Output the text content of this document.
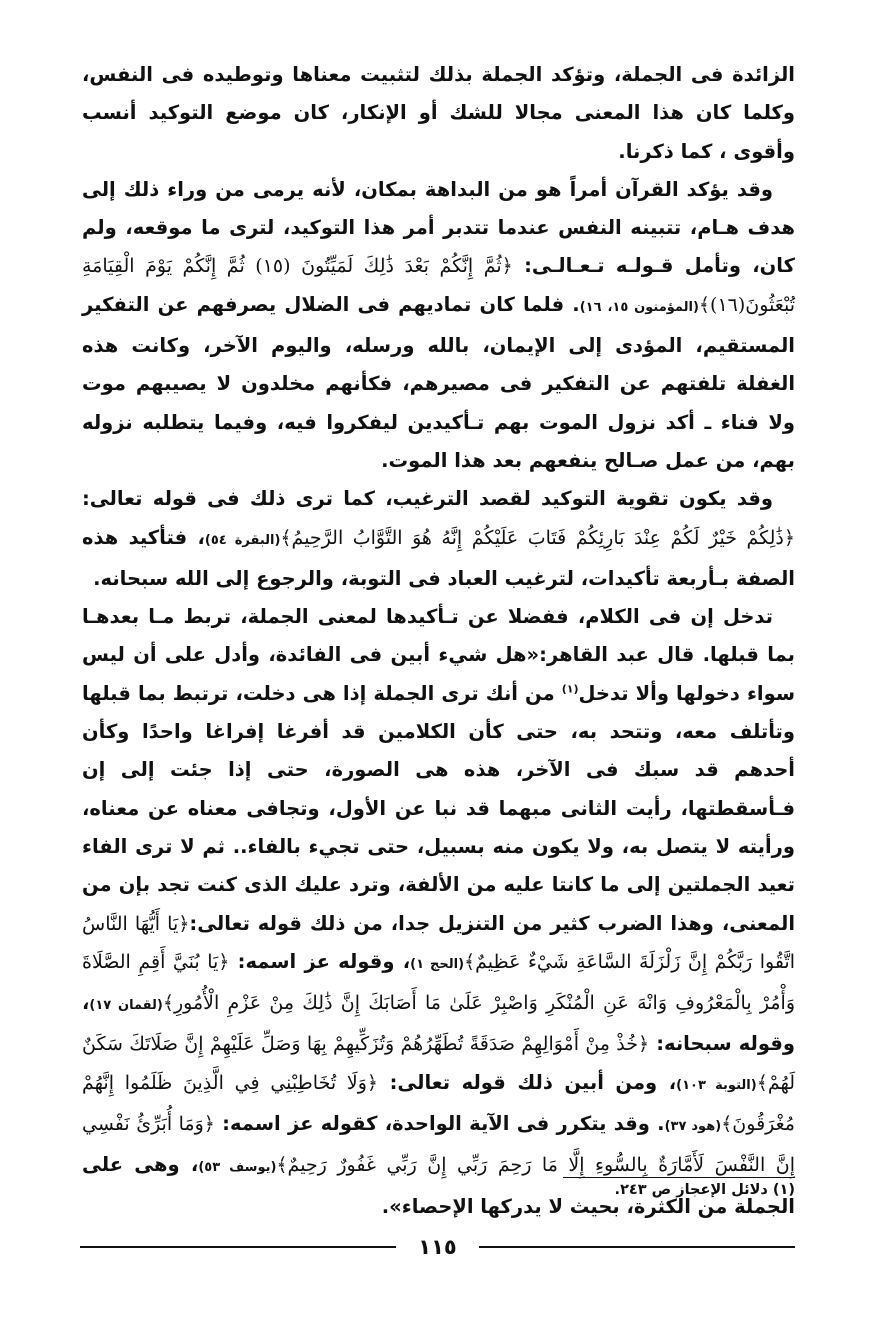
الزائدة فى الجملة، وتؤكد الجملة بذلك لتثبيت معناها وتوطيده فى النفس، وكلما كان هذا المعنى مجالا للشك أو الإنكار، كان موضع التوكيد أنسب وأقوى ، كما ذكرنا.

وقد يؤكد القرآن أمراً هو من البداهة بمكان، لأنه يرمى من وراء ذلك إلى هدف هـام، تتبينه النفس عندما تتدبر أمر هذا التوكيد، لترى ما موقعه، ولم كان، وتأمل قـولـه تـعـالـى: ﴿ثُمَّ إِنَّكُمْ بَعْدَ ذَٰلِكَ لَمَيِّتُونَ (١٥) ثُمَّ إِنَّكُمْ يَوْمَ الْقِيَامَةِ تُبْعَثُونَ(١٦)﴾(المؤمنون ١٥، ١٦). فلما كان تماديهم فى الضلال يصرفهم عن التفكير المستقيم، المؤدى إلى الإيمان، بالله ورسله، واليوم الآخر، وكانت هذه الغفلة تلفتهم عن التفكير فى مصيرهم، فكأنهم مخلدون لا يصيبهم موت ولا فناء ـ أكد نزول الموت بهم تـأكيدين ليفكروا فيه، وفيما يتطلبه نزوله بهم، من عمل صـالح ينفعهم بعد هذا الموت.

وقد يكون تقوية التوكيد لقصد الترغيب، كما ترى ذلك فى قوله تعالى: ﴿ذَٰلِكُمْ خَيْرٌ لَكُمْ عِنْدَ بَارِئِكُمْ فَتَابَ عَلَيْكُمْ إِنَّهُ هُوَ التَّوَّابُ الرَّحِيمُ﴾(البقرة ٥٤)، فتأكيد هذه الصفة بـأربعة تأكيدات، لترغيب العباد فى التوبة، والرجوع إلى الله سبحانه.

تدخل إن فى الكلام، ففضلا عن تـأكيدها لمعنى الجملة، تربط مـا بعدهـا بما قبلها. قال عبد القاهر:«هل شيء أبين فى الفائدة، وأدل على أن ليس سواء دخولها وألا تدخل$^{(١)}$ من أنك ترى الجملة إذا هى دخلت، ترتبط بما قبلها وتأتلف معه، وتتحد به، حتى كأن الكلامين قد أفرغا إفراغا واحدًا وكأن أحدهم قد سبك فى الآخر، هذه هى الصورة، حتى إذا جئت إلى إن فـأسقطتها، رأيت الثانى مبهما قد نبا عن الأول، وتجافى معناه عن معناه، ورأيته لا يتصل به، ولا يكون منه بسبيل، حتى تجيء بالفاء.. ثم لا ترى الفاء تعيد الجملتين إلى ما كانتا عليه من الألفة، وترد عليك الذى كنت تجد بإن من المعنى، وهذا الضرب كثير من التنزيل جدا، من ذلك قوله تعالى:﴿يَا أَيُّهَا النَّاسُ اتَّقُوا رَبَّكُمْ إِنَّ زَلْزَلَةَ السَّاعَةِ شَيْءٌ عَظِيمٌ﴾(الحج ١)، وقوله عز اسمه: ﴿يَا بُنَيَّ أَقِمِ الصَّلَاةَ وَأْمُرْ بِالْمَعْرُوفِ وَانْهَ عَنِ الْمُنْكَرِ وَاصْبِرْ عَلَىٰ مَا أَصَابَكَ إِنَّ ذَٰلِكَ مِنْ عَزْمِ الْأُمُورِ﴾(لقمان ١٧)، وقوله سبحانه: ﴿خُذْ مِنْ أَمْوَالِهِمْ صَدَقَةً تُطَهِّرُهُمْ وَتُزَكِّيهِمْ بِهَا وَصَلِّ عَلَيْهِمْ إِنَّ صَلَاتَكَ سَكَنٌ لَهُمْ﴾(التوبة ١٠٣)، ومن أبين ذلك قوله تعالى: ﴿وَلَا تُخَاطِبْنِي فِي الَّذِينَ ظَلَمُوا إِنَّهُمْ مُغْرَقُونَ﴾(هود ٣٧). وقد يتكرر فى الآية الواحدة، كقوله عز اسمه: ﴿وَمَا أُبَرِّئُ نَفْسِي إِنَّ النَّفْسَ لَأَمَّارَةٌ بِالسُّوءِ إِلَّا مَا رَحِمَ رَبِّي إِنَّ رَبِّي غَفُورٌ رَحِيمٌ﴾(يوسف ٥٣)، وهى على الجملة من الكثرة، بحيث لا يدركها الإحصاء».

(١) دلائل الإعجاز ص ٢٤٣.
١١٥
